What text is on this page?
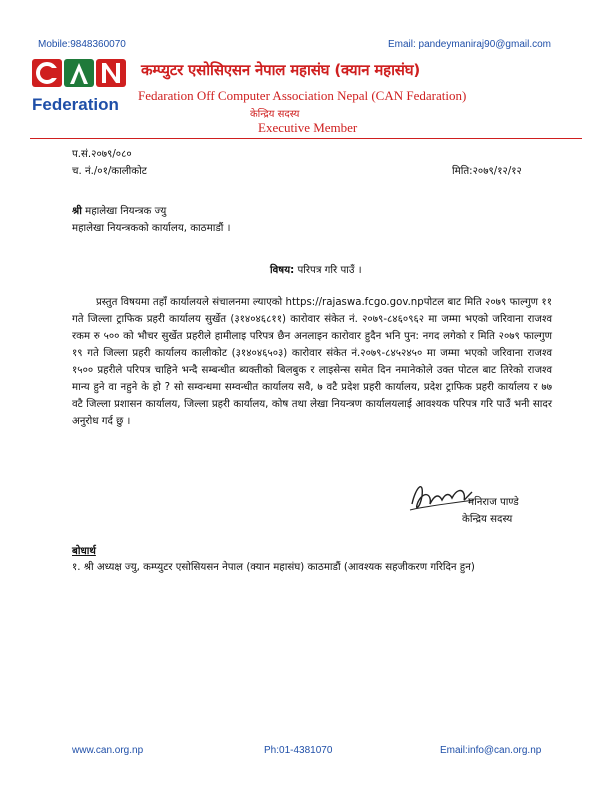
Mobile:9848360070	Email: pandeymaniraj90@gmail.com
Federation
कम्प्युटर एसोसिएसन नेपाल महासंघ (क्यान महासंघ)
Fedaration Off Computer Association Nepal (CAN Fedaration)
केन्द्रिय सदस्य
Executive Member
प.सं.२०७९/०८०
च. नं./०१/कालीकोट	मिति:२०७९/१२/१२
श्री महालेखा नियन्त्रक ज्यु
महालेखा नियन्त्रकको कार्यालय, काठमाडौं ।
विषय: परिपत्र गरि पाउँ ।
प्रस्तुत विषयमा तहाँ कार्यालयले संचालनमा ल्याएको https://rajaswa.fcgo.gov.npपोटल बाट मिति २०७९ फाल्गुण ११ गते जिल्ला ट्राफिक प्रहरी कार्यालय सुर्खेत (३१४०४६८११) कारोवार संकेत नं. २०७९-८४६०९६२ मा जम्मा भएको जरिवाना राजश्व रकम रु ५०० को भौचर सुर्खेत प्रहरीले हामीलाइ परिपत्र छैन अनलाइन कारोवार हुदैन भनि पुन: नगद लगेको र मिति २०७९ फाल्गुण १९ गते जिल्ला प्रहरी कार्यालय कालीकोट (३१४०४६५०३) कारोवार संकेत नं.२०७९-८४५२४५० मा जम्मा भएको जरिवाना राजश्व १५०० प्रहरीले परिपत्र चाहिने भन्दै सम्बन्धीत ब्यक्तीको बिलबुक र लाइसेन्स समेत दिन नमानेकोले उक्त पोटल बाट तिरेको राजश्व मान्य हुने वा नहुने के हो ? सो सम्वन्धमा सम्वन्धीत कार्यालय सवै, ७ वटै प्रदेश प्रहरी कार्यालय, प्रदेश ट्राफिक प्रहरी कार्यालय र ७७ वटै जिल्ला प्रशासन कार्यालय, जिल्ला प्रहरी कार्यालय, कोष तथा लेखा नियन्त्रण कार्यालयलाई आवश्यक परिपत्र गरि पाउँ भनी सादर अनुरोध गर्द छु ।
मनिराज पाण्डे
केन्द्रिय सदस्य
बोधार्थ
१. श्री अध्यक्ष ज्यु, कम्प्युटर एसोसियसन नेपाल (क्यान महासंघ) काठमाडौं (आवश्यक सहजीकरण गरिदिन हुन)
www.can.org.np	Ph:01-4381070	Email:info@can.org.np
